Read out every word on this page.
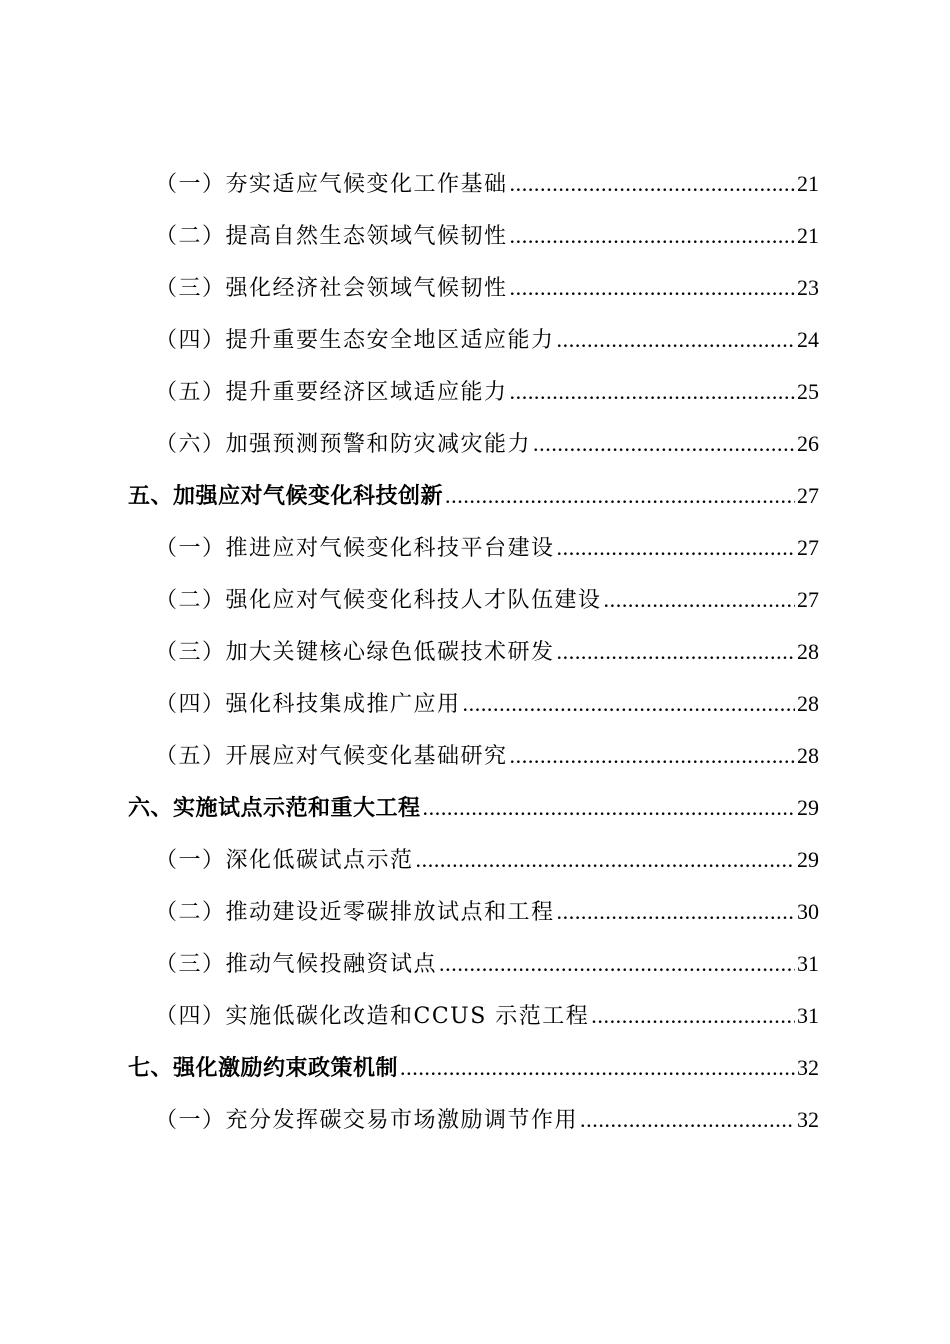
（一）夯实适应气候变化工作基础 .....	21
（二）提高自然生态领域气候韧性 .....	21
（三）强化经济社会领域气候韧性 .....	23
（四）提升重要生态安全地区适应能力 .....	24
（五）提升重要经济区域适应能力 .....	25
（六）加强预测预警和防灾减灾能力 .....	26
五、加强应对气候变化科技创新 .....	27
（一）推进应对气候变化科技平台建设 .....	27
（二）强化应对气候变化科技人才队伍建设 .....	27
（三）加大关键核心绿色低碳技术研发 .....	28
（四）强化科技集成推广应用 .....	28
（五）开展应对气候变化基础研究 .....	28
六、实施试点示范和重大工程 .....	29
（一）深化低碳试点示范 .....	29
（二）推动建设近零碳排放试点和工程 .....	30
（三）推动气候投融资试点 .....	31
（四）实施低碳化改造和CCUS 示范工程 .....	31
七、强化激励约束政策机制 .....	32
（一）充分发挥碳交易市场激励调节作用 .....	32
